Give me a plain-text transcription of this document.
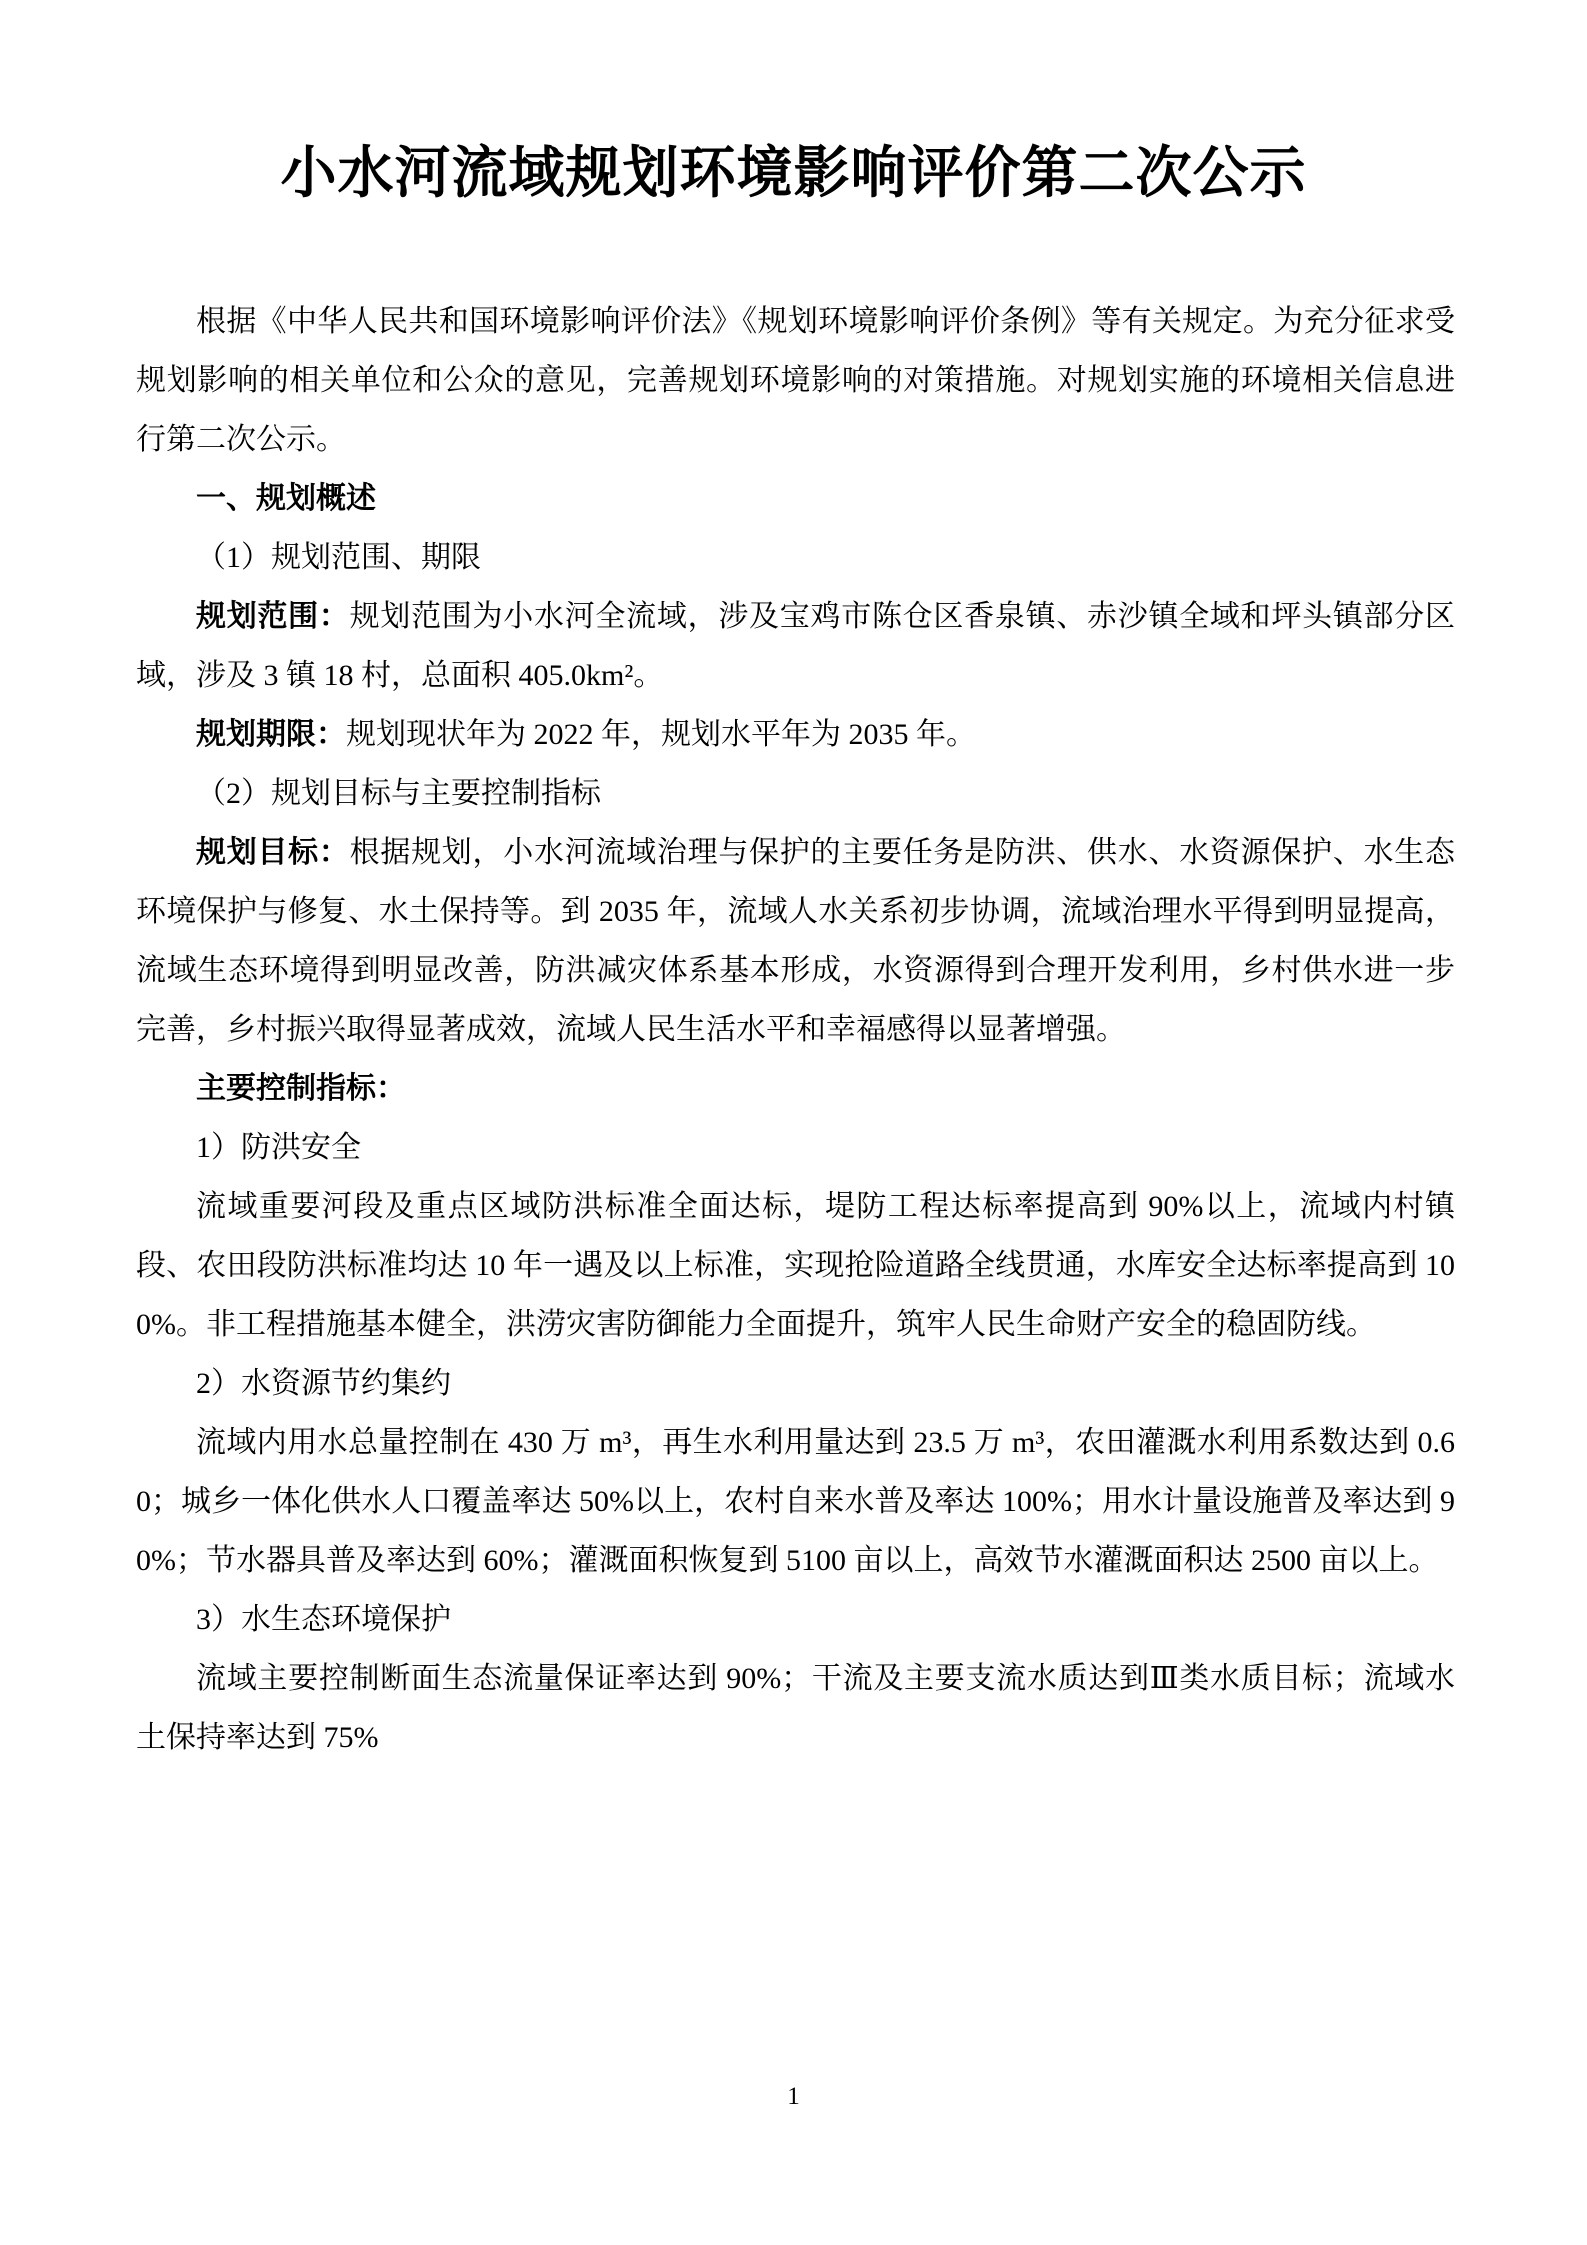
小水河流域规划环境影响评价第二次公示

根据《中华人民共和国环境影响评价法》《规划环境影响评价条例》等有关规定。为充分征求受规划影响的相关单位和公众的意见，完善规划环境影响的对策措施。对规划实施的环境相关信息进行第二次公示。

一、规划概述

（1）规划范围、期限

规划范围：规划范围为小水河全流域，涉及宝鸡市陈仓区香泉镇、赤沙镇全域和坪头镇部分区域，涉及 3 镇 18 村，总面积 405.0km²。

规划期限：规划现状年为 2022 年，规划水平年为 2035 年。

（2）规划目标与主要控制指标

规划目标：根据规划，小水河流域治理与保护的主要任务是防洪、供水、水资源保护、水生态环境保护与修复、水土保持等。到 2035 年，流域人水关系初步协调，流域治理水平得到明显提高，流域生态环境得到明显改善，防洪减灾体系基本形成，水资源得到合理开发利用，乡村供水进一步完善，乡村振兴取得显著成效，流域人民生活水平和幸福感得以显著增强。

主要控制指标：

1）防洪安全

流域重要河段及重点区域防洪标准全面达标，堤防工程达标率提高到 90%以上，流域内村镇段、农田段防洪标准均达 10 年一遇及以上标准，实现抢险道路全线贯通，水库安全达标率提高到 100%。非工程措施基本健全，洪涝灾害防御能力全面提升，筑牢人民生命财产安全的稳固防线。

2）水资源节约集约

流域内用水总量控制在 430 万 m³，再生水利用量达到 23.5 万 m³，农田灌溉水利用系数达到 0.60；城乡一体化供水人口覆盖率达 50%以上，农村自来水普及率达 100%；用水计量设施普及率达到 90%；节水器具普及率达到 60%；灌溉面积恢复到 5100 亩以上，高效节水灌溉面积达 2500 亩以上。

3）水生态环境保护

流域主要控制断面生态流量保证率达到 90%；干流及主要支流水质达到Ⅲ类水质目标；流域水土保持率达到 75%

1
